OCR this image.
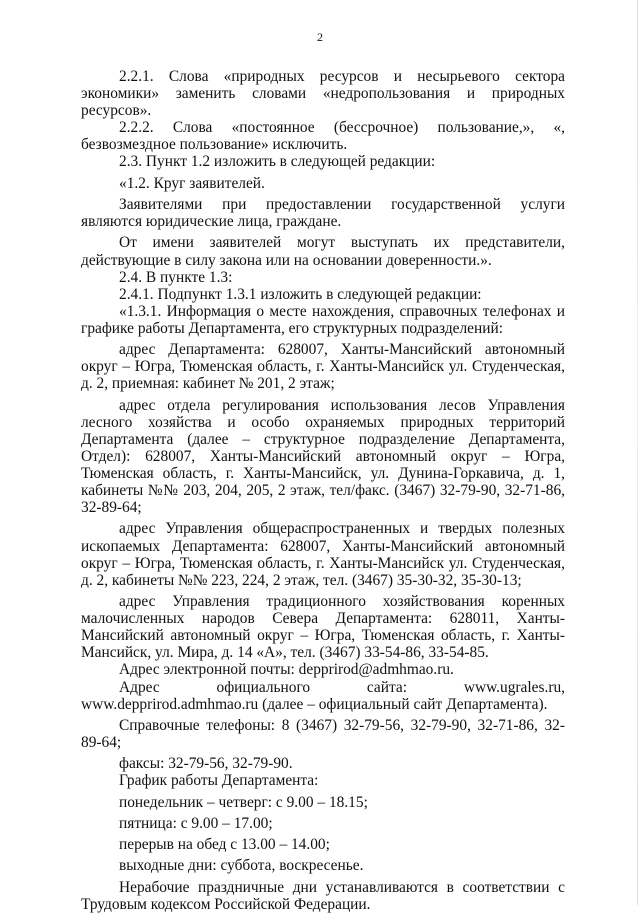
2

2.2.1. Слова «природных ресурсов и несырьевого сектора экономики» заменить словами «недропользования и природных ресурсов».

2.2.2. Слова «постоянное (бессрочное) пользование,», «, безвозмездное пользование» исключить.

2.3. Пункт 1.2 изложить в следующей редакции:

«1.2. Круг заявителей.

Заявителями при предоставлении государственной услуги являются юридические лица, граждане.

От имени заявителей могут выступать их представители, действующие в силу закона или на основании доверенности.».

2.4. В пункте 1.3:

2.4.1. Подпункт 1.3.1 изложить в следующей редакции:

«1.3.1. Информация о месте нахождения, справочных телефонах и графике работы Департамента, его структурных подразделений:

адрес Департамента: 628007, Ханты-Мансийский автономный округ – Югра, Тюменская область, г. Ханты-Мансийск ул. Студенческая, д. 2, приемная: кабинет № 201, 2 этаж;

адрес отдела регулирования использования лесов Управления лесного хозяйства и особо охраняемых природных территорий Департамента (далее – структурное подразделение Департамента, Отдел): 628007, Ханты-Мансийский автономный округ – Югра, Тюменская область, г. Ханты-Мансийск, ул. Дунина-Горкавича, д. 1, кабинеты №№ 203, 204, 205, 2 этаж, тел/факс. (3467) 32-79-90, 32-71-86, 32-89-64;

адрес Управления общераспространенных и твердых полезных ископаемых Департамента: 628007, Ханты-Мансийский автономный округ – Югра, Тюменская область, г. Ханты-Мансийск ул. Студенческая, д. 2, кабинеты №№ 223, 224, 2 этаж, тел. (3467) 35-30-32, 35-30-13;

адрес Управления традиционного хозяйствования коренных малочисленных народов Севера Департамента: 628011, Ханты-Мансийский автономный округ – Югра, Тюменская область, г. Ханты-Мансийск, ул. Мира, д. 14 «А», тел. (3467) 33-54-86, 33-54-85.

Адрес электронной почты: depprirod@admhmao.ru.

Адрес официального сайта: www.ugrales.ru, www.depprirod.admhmao.ru (далее – официальный сайт Департамента).

Справочные телефоны: 8 (3467) 32-79-56, 32-79-90, 32-71-86, 32-89-64;

факсы: 32-79-56, 32-79-90.

График работы Департамента:

понедельник – четверг: с 9.00 – 18.15;

пятница: с 9.00 – 17.00;

перерыв на обед с 13.00 – 14.00;

выходные дни: суббота, воскресенье.

Нерабочие праздничные дни устанавливаются в соответствии с Трудовым кодексом Российской Федерации.
